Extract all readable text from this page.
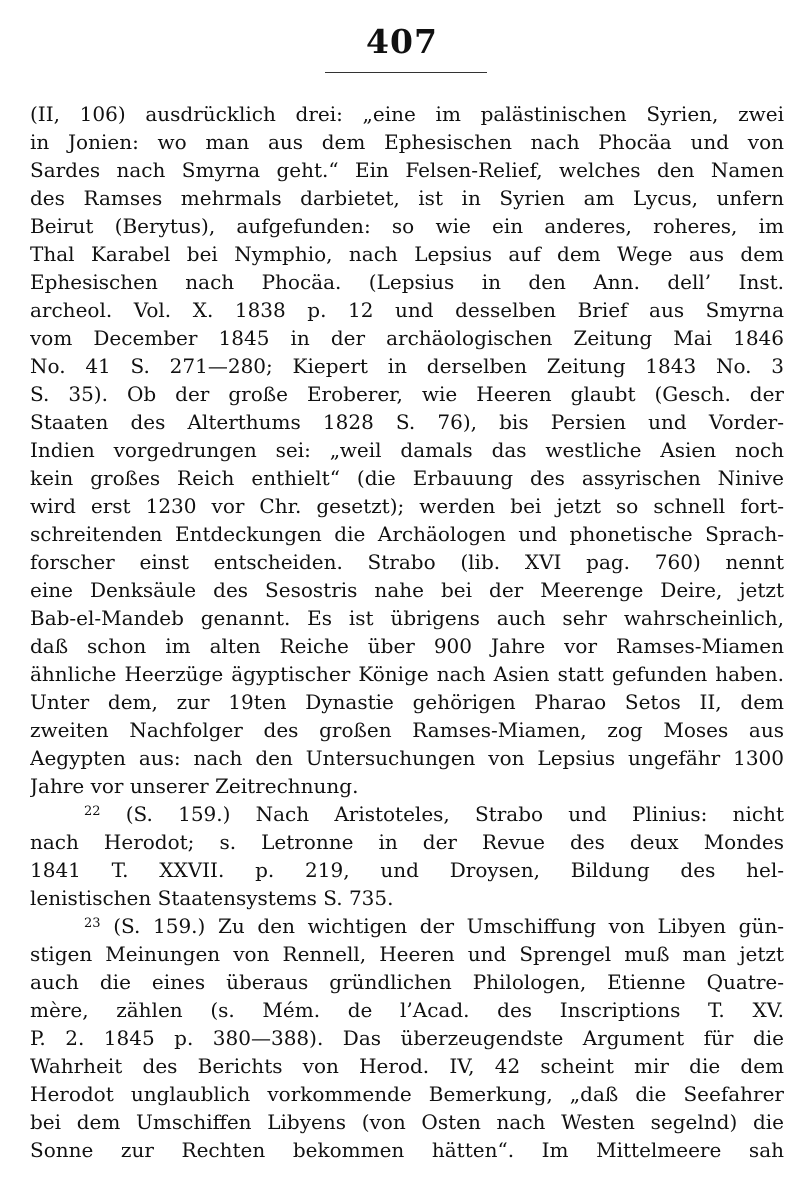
407
(II, 106) ausdrücklich drei: „eine im palästinischen Syrien, zwei
in Jonien: wo man aus dem Ephesischen nach Phocäa und von
Sardes nach Smyrna geht.“ Ein Felsen-Relief, welches den Namen
des Ramses mehrmals darbietet, ist in Syrien am Lycus, unfern
Beirut (Berytus), aufgefunden: so wie ein anderes, roheres, im
Thal Karabel bei Nymphio, nach Lepsius auf dem Wege aus dem
Ephesischen nach Phocäa. (Lepsius in den Ann. dell’ Inst.
archeol. Vol. X. 1838 p. 12 und desselben Brief aus Smyrna
vom December 1845 in der archäologischen Zeitung Mai 1846
No. 41 S. 271—280; Kiepert in derselben Zeitung 1843 No. 3
S. 35). Ob der große Eroberer, wie Heeren glaubt (Gesch. der
Staaten des Alterthums 1828 S. 76), bis Persien und Vorder-
Indien vorgedrungen sei: „weil damals das westliche Asien noch
kein großes Reich enthielt“ (die Erbauung des assyrischen Ninive
wird erst 1230 vor Chr. gesetzt); werden bei jetzt so schnell fort-
schreitenden Entdeckungen die Archäologen und phonetische Sprach-
forscher einst entscheiden. Strabo (lib. XVI pag. 760) nennt
eine Denksäule des Sesostris nahe bei der Meerenge Deire, jetzt
Bab-el-Mandeb genannt. Es ist übrigens auch sehr wahrscheinlich,
daß schon im alten Reiche über 900 Jahre vor Ramses-Miamen
ähnliche Heerzüge ägyptischer Könige nach Asien statt gefunden haben.
Unter dem, zur 19ten Dynastie gehörigen Pharao Setos II, dem
zweiten Nachfolger des großen Ramses-Miamen, zog Moses aus
Aegypten aus: nach den Untersuchungen von Lepsius ungefähr 1300
Jahre vor unserer Zeitrechnung.
$^{22}$ (S. 159.) Nach Aristoteles, Strabo und Plinius: nicht
nach Herodot; s. Letronne in der Revue des deux Mondes
1841 T. XXVII. p. 219, und Droysen, Bildung des hel-
lenistischen Staatensystems S. 735.
$^{23}$ (S. 159.) Zu den wichtigen der Umschiffung von Libyen gün-
stigen Meinungen von Rennell, Heeren und Sprengel muß man jetzt
auch die eines überaus gründlichen Philologen, Etienne Quatre-
mère, zählen (s. Mém. de l’Acad. des Inscriptions T. XV.
P. 2. 1845 p. 380—388). Das überzeugendste Argument für die
Wahrheit des Berichts von Herod. IV, 42 scheint mir die dem
Herodot unglaublich vorkommende Bemerkung, „daß die Seefahrer
bei dem Umschiffen Libyens (von Osten nach Westen segelnd) die
Sonne zur Rechten bekommen hätten“. Im Mittelmeere sah
